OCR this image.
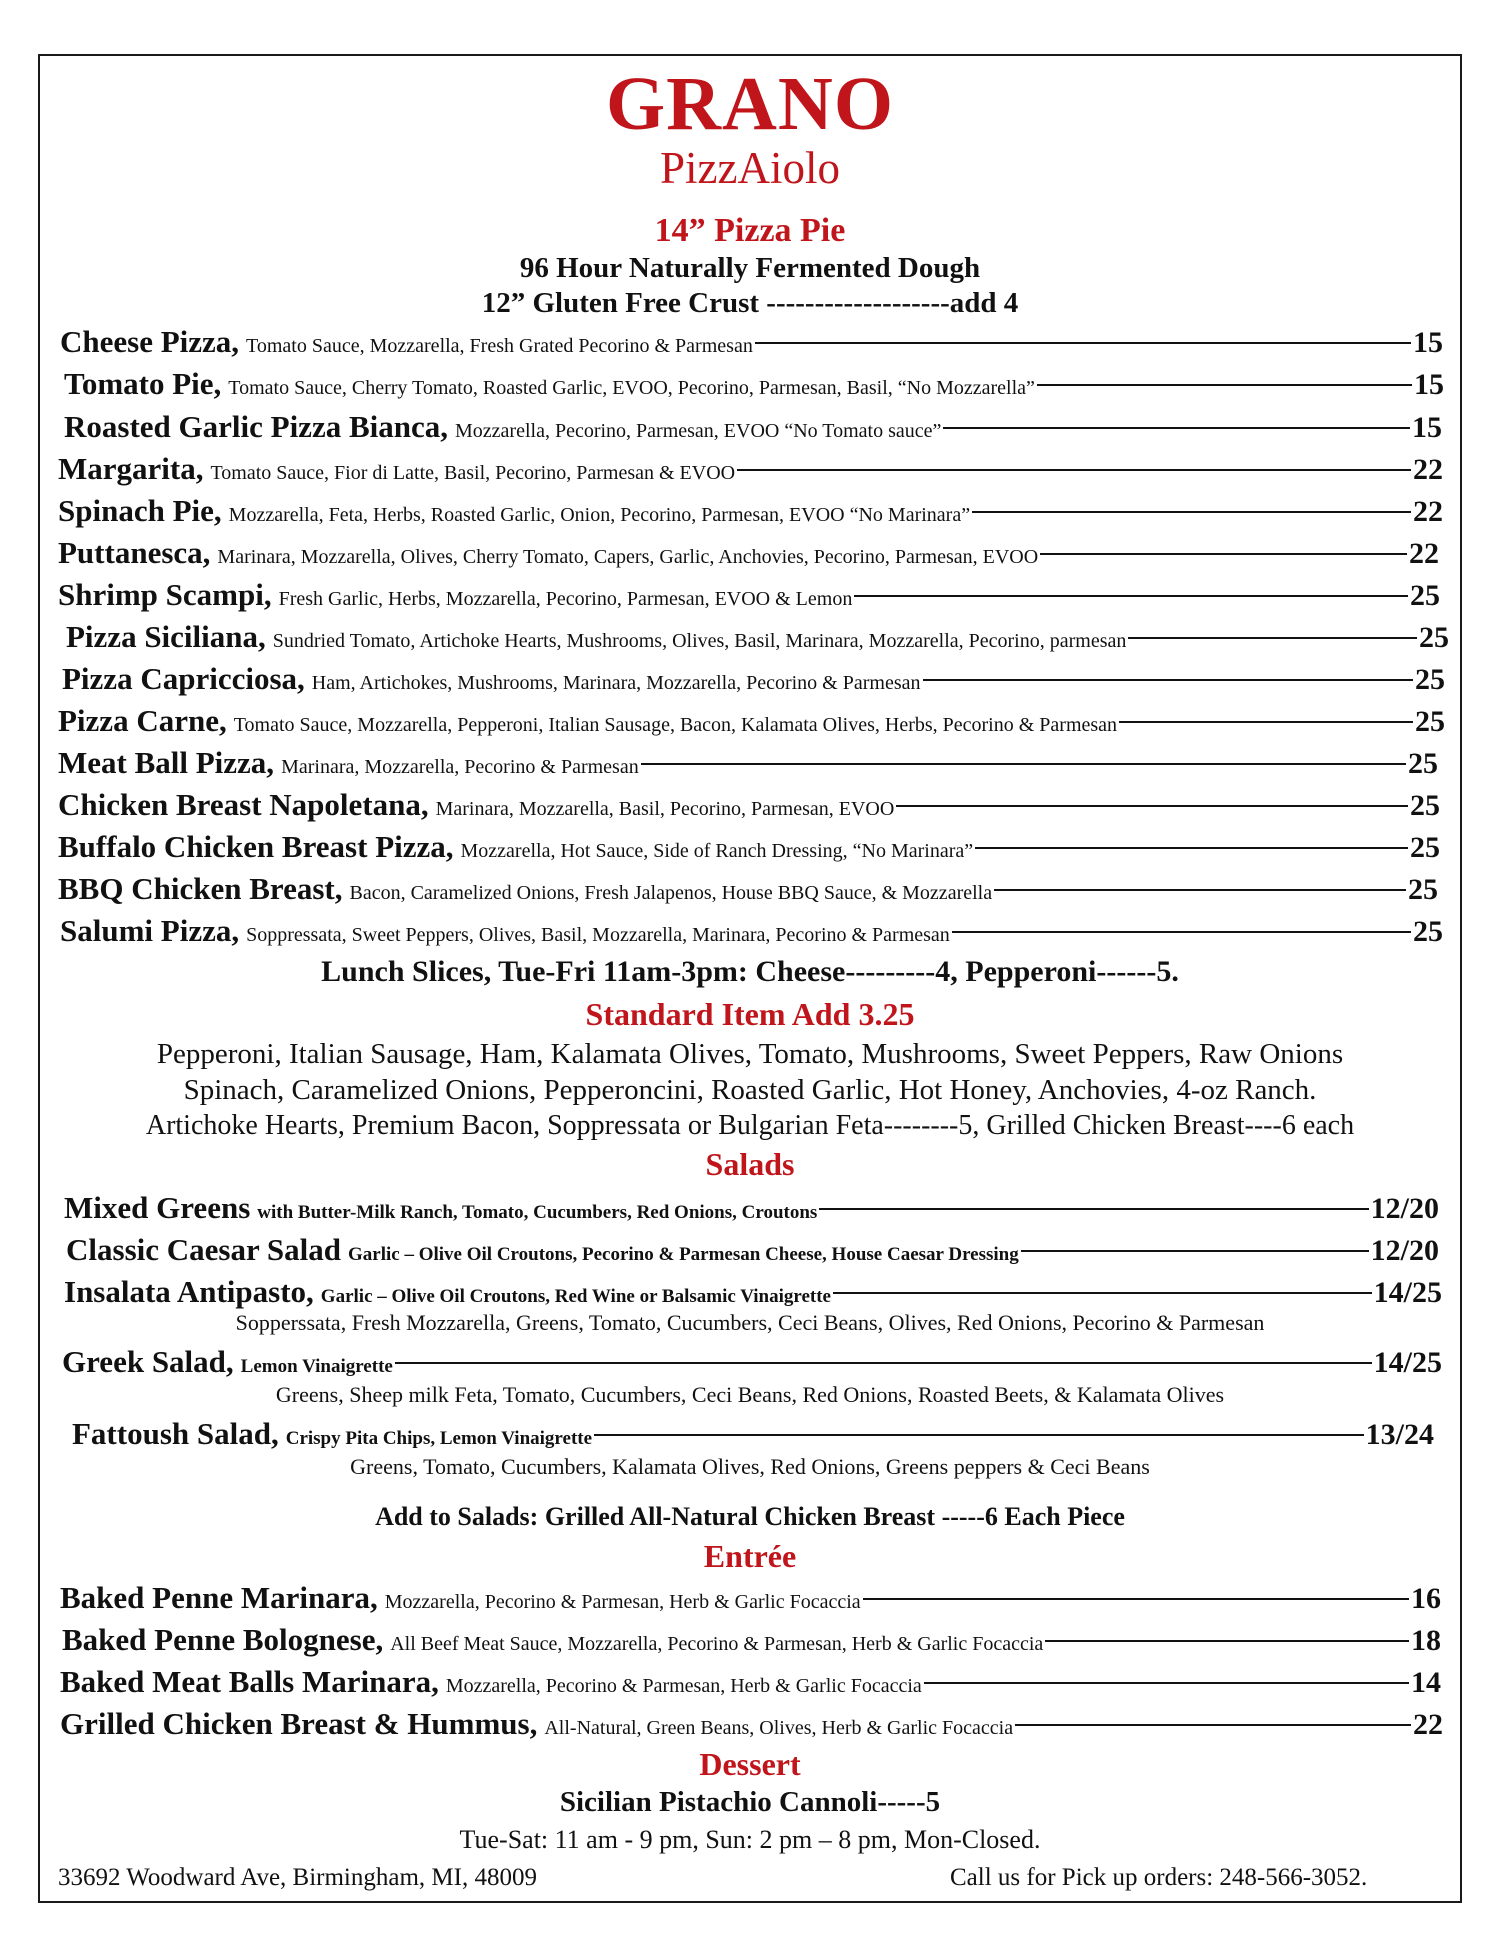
GRANO
PizzAiolo
14” Pizza Pie
96 Hour Naturally Fermented Dough
12” Gluten Free Crust -------------------add 4
Cheese Pizza, Tomato Sauce, Mozzarella, Fresh Grated Pecorino & Parmesan	15
Tomato Pie, Tomato Sauce, Cherry Tomato, Roasted Garlic, EVOO, Pecorino, Parmesan, Basil, “No Mozzarella”	15
Roasted Garlic Pizza Bianca, Mozzarella, Pecorino, Parmesan, EVOO “No Tomato sauce”	15
Margarita, Tomato Sauce, Fior di Latte, Basil, Pecorino, Parmesan & EVOO	22
Spinach Pie, Mozzarella, Feta, Herbs, Roasted Garlic, Onion, Pecorino, Parmesan, EVOO “No Marinara”	22
Puttanesca, Marinara, Mozzarella, Olives, Cherry Tomato, Capers, Garlic, Anchovies, Pecorino, Parmesan, EVOO	22
Shrimp Scampi, Fresh Garlic, Herbs, Mozzarella, Pecorino, Parmesan, EVOO & Lemon	25
Pizza Siciliana, Sundried Tomato, Artichoke Hearts, Mushrooms, Olives, Basil, Marinara, Mozzarella, Pecorino, parmesan	25
Pizza Capricciosa, Ham, Artichokes, Mushrooms, Marinara, Mozzarella, Pecorino & Parmesan	25
Pizza Carne, Tomato Sauce, Mozzarella, Pepperoni, Italian Sausage, Bacon, Kalamata Olives, Herbs, Pecorino & Parmesan	25
Meat Ball Pizza, Marinara, Mozzarella, Pecorino & Parmesan	25
Chicken Breast Napoletana, Marinara, Mozzarella, Basil, Pecorino, Parmesan, EVOO	25
Buffalo Chicken Breast Pizza, Mozzarella, Hot Sauce, Side of Ranch Dressing, “No Marinara”	25
BBQ Chicken Breast, Bacon, Caramelized Onions, Fresh Jalapenos, House BBQ Sauce, & Mozzarella	25
Salumi Pizza, Soppressata, Sweet Peppers, Olives, Basil, Mozzarella, Marinara, Pecorino & Parmesan	25
Lunch Slices, Tue-Fri 11am-3pm: Cheese---------4, Pepperoni------5.
Standard Item Add 3.25
Pepperoni, Italian Sausage, Ham, Kalamata Olives, Tomato, Mushrooms, Sweet Peppers, Raw Onions
Spinach, Caramelized Onions, Pepperoncini, Roasted Garlic, Hot Honey, Anchovies, 4-oz Ranch.
Artichoke Hearts, Premium Bacon, Soppressata or Bulgarian Feta--------5, Grilled Chicken Breast----6 each
Salads
Mixed Greens with Butter-Milk Ranch, Tomato, Cucumbers, Red Onions, Croutons	12/20
Classic Caesar Salad Garlic – Olive Oil Croutons, Pecorino & Parmesan Cheese, House Caesar Dressing	12/20
Insalata Antipasto, Garlic – Olive Oil Croutons, Red Wine or Balsamic Vinaigrette	14/25
Sopperssata, Fresh Mozzarella, Greens, Tomato, Cucumbers, Ceci Beans, Olives, Red Onions, Pecorino & Parmesan
Greek Salad, Lemon Vinaigrette	14/25
Greens, Sheep milk Feta, Tomato, Cucumbers, Ceci Beans, Red Onions, Roasted Beets, & Kalamata Olives
Fattoush Salad, Crispy Pita Chips, Lemon Vinaigrette	13/24
Greens, Tomato, Cucumbers, Kalamata Olives, Red Onions, Greens peppers & Ceci Beans
Add to Salads: Grilled All-Natural Chicken Breast -----6 Each Piece
Entrée
Baked Penne Marinara, Mozzarella, Pecorino & Parmesan, Herb & Garlic Focaccia	16
Baked Penne Bolognese, All Beef Meat Sauce, Mozzarella, Pecorino & Parmesan, Herb & Garlic Focaccia	18
Baked Meat Balls Marinara, Mozzarella, Pecorino & Parmesan, Herb & Garlic Focaccia	14
Grilled Chicken Breast & Hummus, All-Natural, Green Beans, Olives, Herb & Garlic Focaccia	22
Dessert
Sicilian Pistachio Cannoli-----5
Tue-Sat: 11 am - 9 pm, Sun: 2 pm – 8 pm, Mon-Closed.
33692 Woodward Ave, Birmingham, MI, 48009	Call us for Pick up orders: 248-566-3052.
